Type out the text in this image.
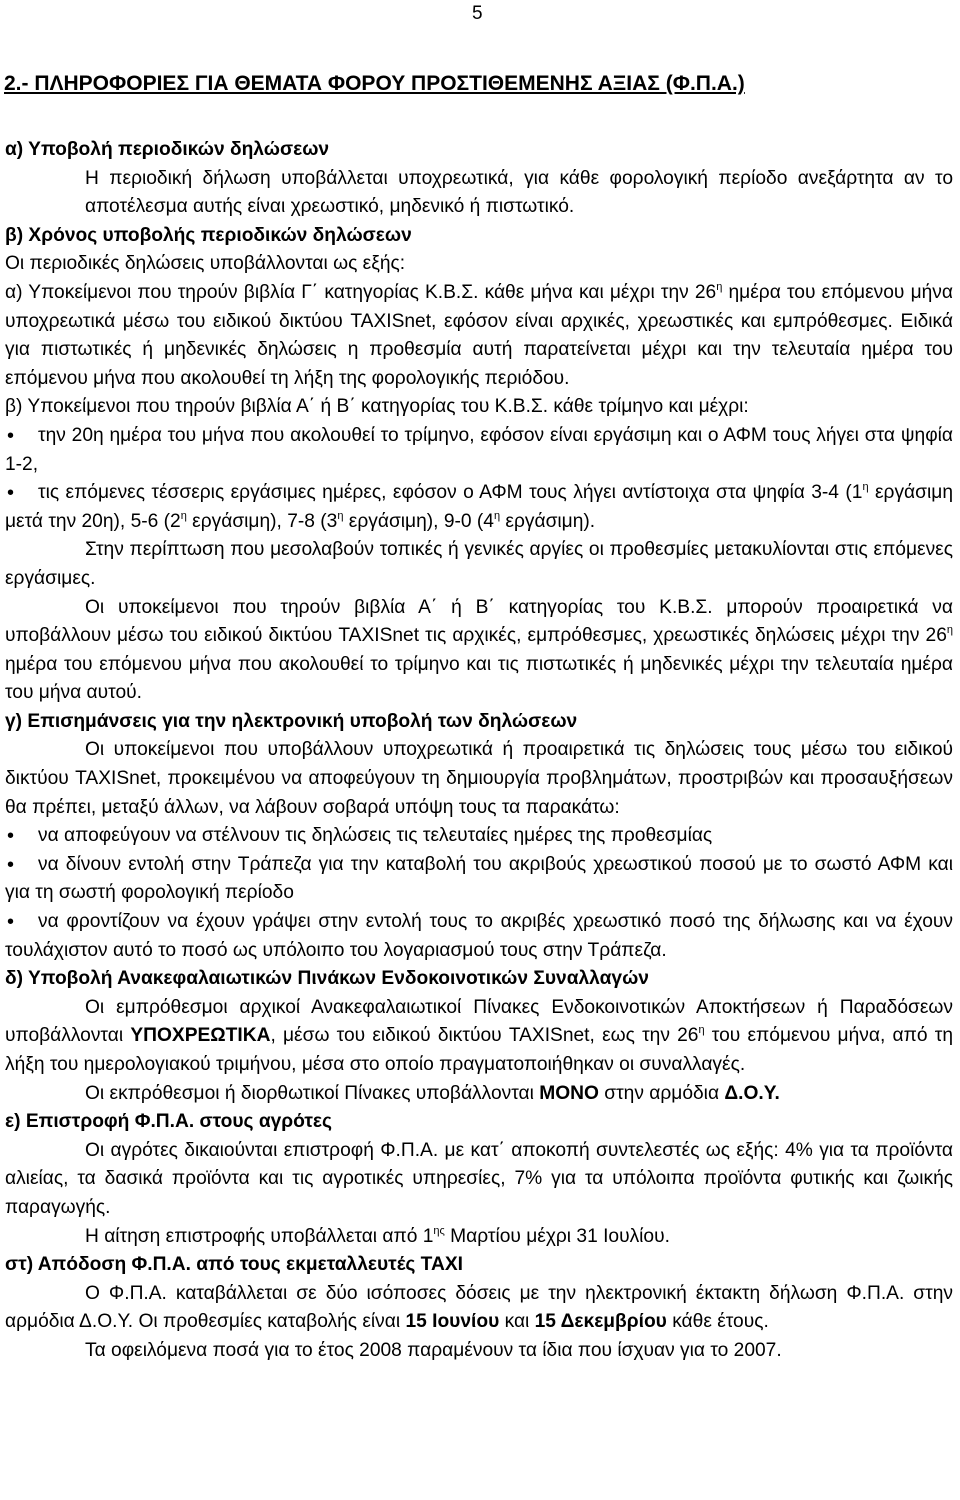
5
2.- ΠΛΗΡΟΦΟΡΙΕΣ ΓΙΑ ΘΕΜΑΤΑ ΦΟΡΟΥ ΠΡΟΣΤΙΘΕΜΕΝΗΣ ΑΞΙΑΣ (Φ.Π.Α.)

α) Υποβολή περιοδικών δηλώσεων

Η περιοδική δήλωση υποβάλλεται υποχρεωτικά, για κάθε φορολογική περίοδο ανεξάρτητα αν το αποτέλεσμα αυτής είναι χρεωστικό, μηδενικό ή πιστωτικό.

β) Χρόνος υποβολής περιοδικών δηλώσεων

Οι περιοδικές δηλώσεις υποβάλλονται ως εξής:

α) Υποκείμενοι που τηρούν βιβλία Γ΄ κατηγορίας Κ.Β.Σ. κάθε μήνα και μέχρι την $26^\eta$ ημέρα του επόμενου μήνα υποχρεωτικά μέσω του ειδικού δικτύου TAXISnet, εφόσον είναι αρχικές, χρεωστικές και εμπρόθεσμες. Ειδικά για πιστωτικές ή μηδενικές δηλώσεις η προθεσμία αυτή παρατείνεται μέχρι και την τελευταία ημέρα του επόμενου μήνα που ακολουθεί τη λήξη της φορολογικής περιόδου.

β) Υποκείμενοι που τηρούν βιβλία Α΄ ή Β΄ κατηγορίας του Κ.Β.Σ. κάθε τρίμηνο και μέχρι:

• την 20η ημέρα του μήνα που ακολουθεί το τρίμηνο, εφόσον είναι εργάσιμη και ο ΑΦΜ τους λήγει στα ψηφία 1-2,

• τις επόμενες τέσσερις εργάσιμες ημέρες, εφόσον ο ΑΦΜ τους λήγει αντίστοιχα στα ψηφία 3-4 ($1^\eta$ εργάσιμη μετά την 20η), 5-6 ($2^\eta$ εργάσιμη), 7-8 ($3^\eta$ εργάσιμη), 9-0 ($4^\eta$ εργάσιμη).

Στην περίπτωση που μεσολαβούν τοπικές ή γενικές αργίες οι προθεσμίες μετακυλίονται στις επόμενες εργάσιμες.

Οι υποκείμενοι που τηρούν βιβλία Α΄ ή Β΄ κατηγορίας του Κ.Β.Σ. μπορούν προαιρετικά να υποβάλλουν μέσω του ειδικού δικτύου TAXISnet τις αρχικές, εμπρόθεσμες, χρεωστικές δηλώσεις μέχρι την $26^\eta$ ημέρα του επόμενου μήνα που ακολουθεί το τρίμηνο και τις πιστωτικές ή μηδενικές μέχρι την τελευταία ημέρα του μήνα αυτού.

γ) Επισημάνσεις για την ηλεκτρονική υποβολή των δηλώσεων

Οι υποκείμενοι που υποβάλλουν υποχρεωτικά ή προαιρετικά τις δηλώσεις τους μέσω του ειδικού δικτύου TAXISnet, προκειμένου να αποφεύγουν τη δημιουργία προβλημάτων, προστριβών και προσαυξήσεων θα πρέπει, μεταξύ άλλων, να λάβουν σοβαρά υπόψη τους τα παρακάτω:

• να αποφεύγουν να στέλνουν τις δηλώσεις τις τελευταίες ημέρες της προθεσμίας

• να δίνουν εντολή στην Τράπεζα για την καταβολή του ακριβούς χρεωστικού ποσού με το σωστό ΑΦΜ και για τη σωστή φορολογική περίοδο

• να φροντίζουν να έχουν γράψει στην εντολή τους το ακριβές χρεωστικό ποσό της δήλωσης και να έχουν τουλάχιστον αυτό το ποσό ως υπόλοιπο του λογαριασμού τους στην Τράπεζα.

δ) Υποβολή Ανακεφαλαιωτικών Πινάκων Ενδοκοινοτικών Συναλλαγών

Οι εμπρόθεσμοι αρχικοί Ανακεφαλαιωτικοί Πίνακες Ενδοκοινοτικών Αποκτήσεων ή Παραδόσεων υποβάλλονται ΥΠΟΧΡΕΩΤΙΚΑ, μέσω του ειδικού δικτύου TAXISnet, εως την $26^\eta$ του επόμενου μήνα, από τη λήξη του ημερολογιακού τριμήνου, μέσα στο οποίο πραγματοποιήθηκαν οι συναλλαγές.

Οι εκπρόθεσμοι ή διορθωτικοί Πίνακες υποβάλλονται ΜΟΝΟ στην αρμόδια Δ.Ο.Υ.

ε) Επιστροφή Φ.Π.Α. στους αγρότες

Οι αγρότες δικαιούνται επιστροφή Φ.Π.Α. με κατ΄ αποκοπή συντελεστές ως εξής: 4% για τα προϊόντα αλιείας, τα δασικά προϊόντα και τις αγροτικές υπηρεσίες, 7% για τα υπόλοιπα προϊόντα φυτικής και ζωικής παραγωγής.

Η αίτηση επιστροφής υποβάλλεται από $1^{\eta\varsigma}$ Μαρτίου μέχρι 31 Ιουλίου.

στ) Απόδοση Φ.Π.Α. από τους εκμεταλλευτές ΤΑΧΙ

Ο Φ.Π.Α. καταβάλλεται σε δύο ισόποσες δόσεις με την ηλεκτρονική έκτακτη δήλωση Φ.Π.Α. στην αρμόδια Δ.Ο.Υ. Οι προθεσμίες καταβολής είναι 15 Ιουνίου και 15 Δεκεμβρίου κάθε έτους.

Τα οφειλόμενα ποσά για το έτος 2008 παραμένουν τα ίδια που ίσχυαν για το 2007.
